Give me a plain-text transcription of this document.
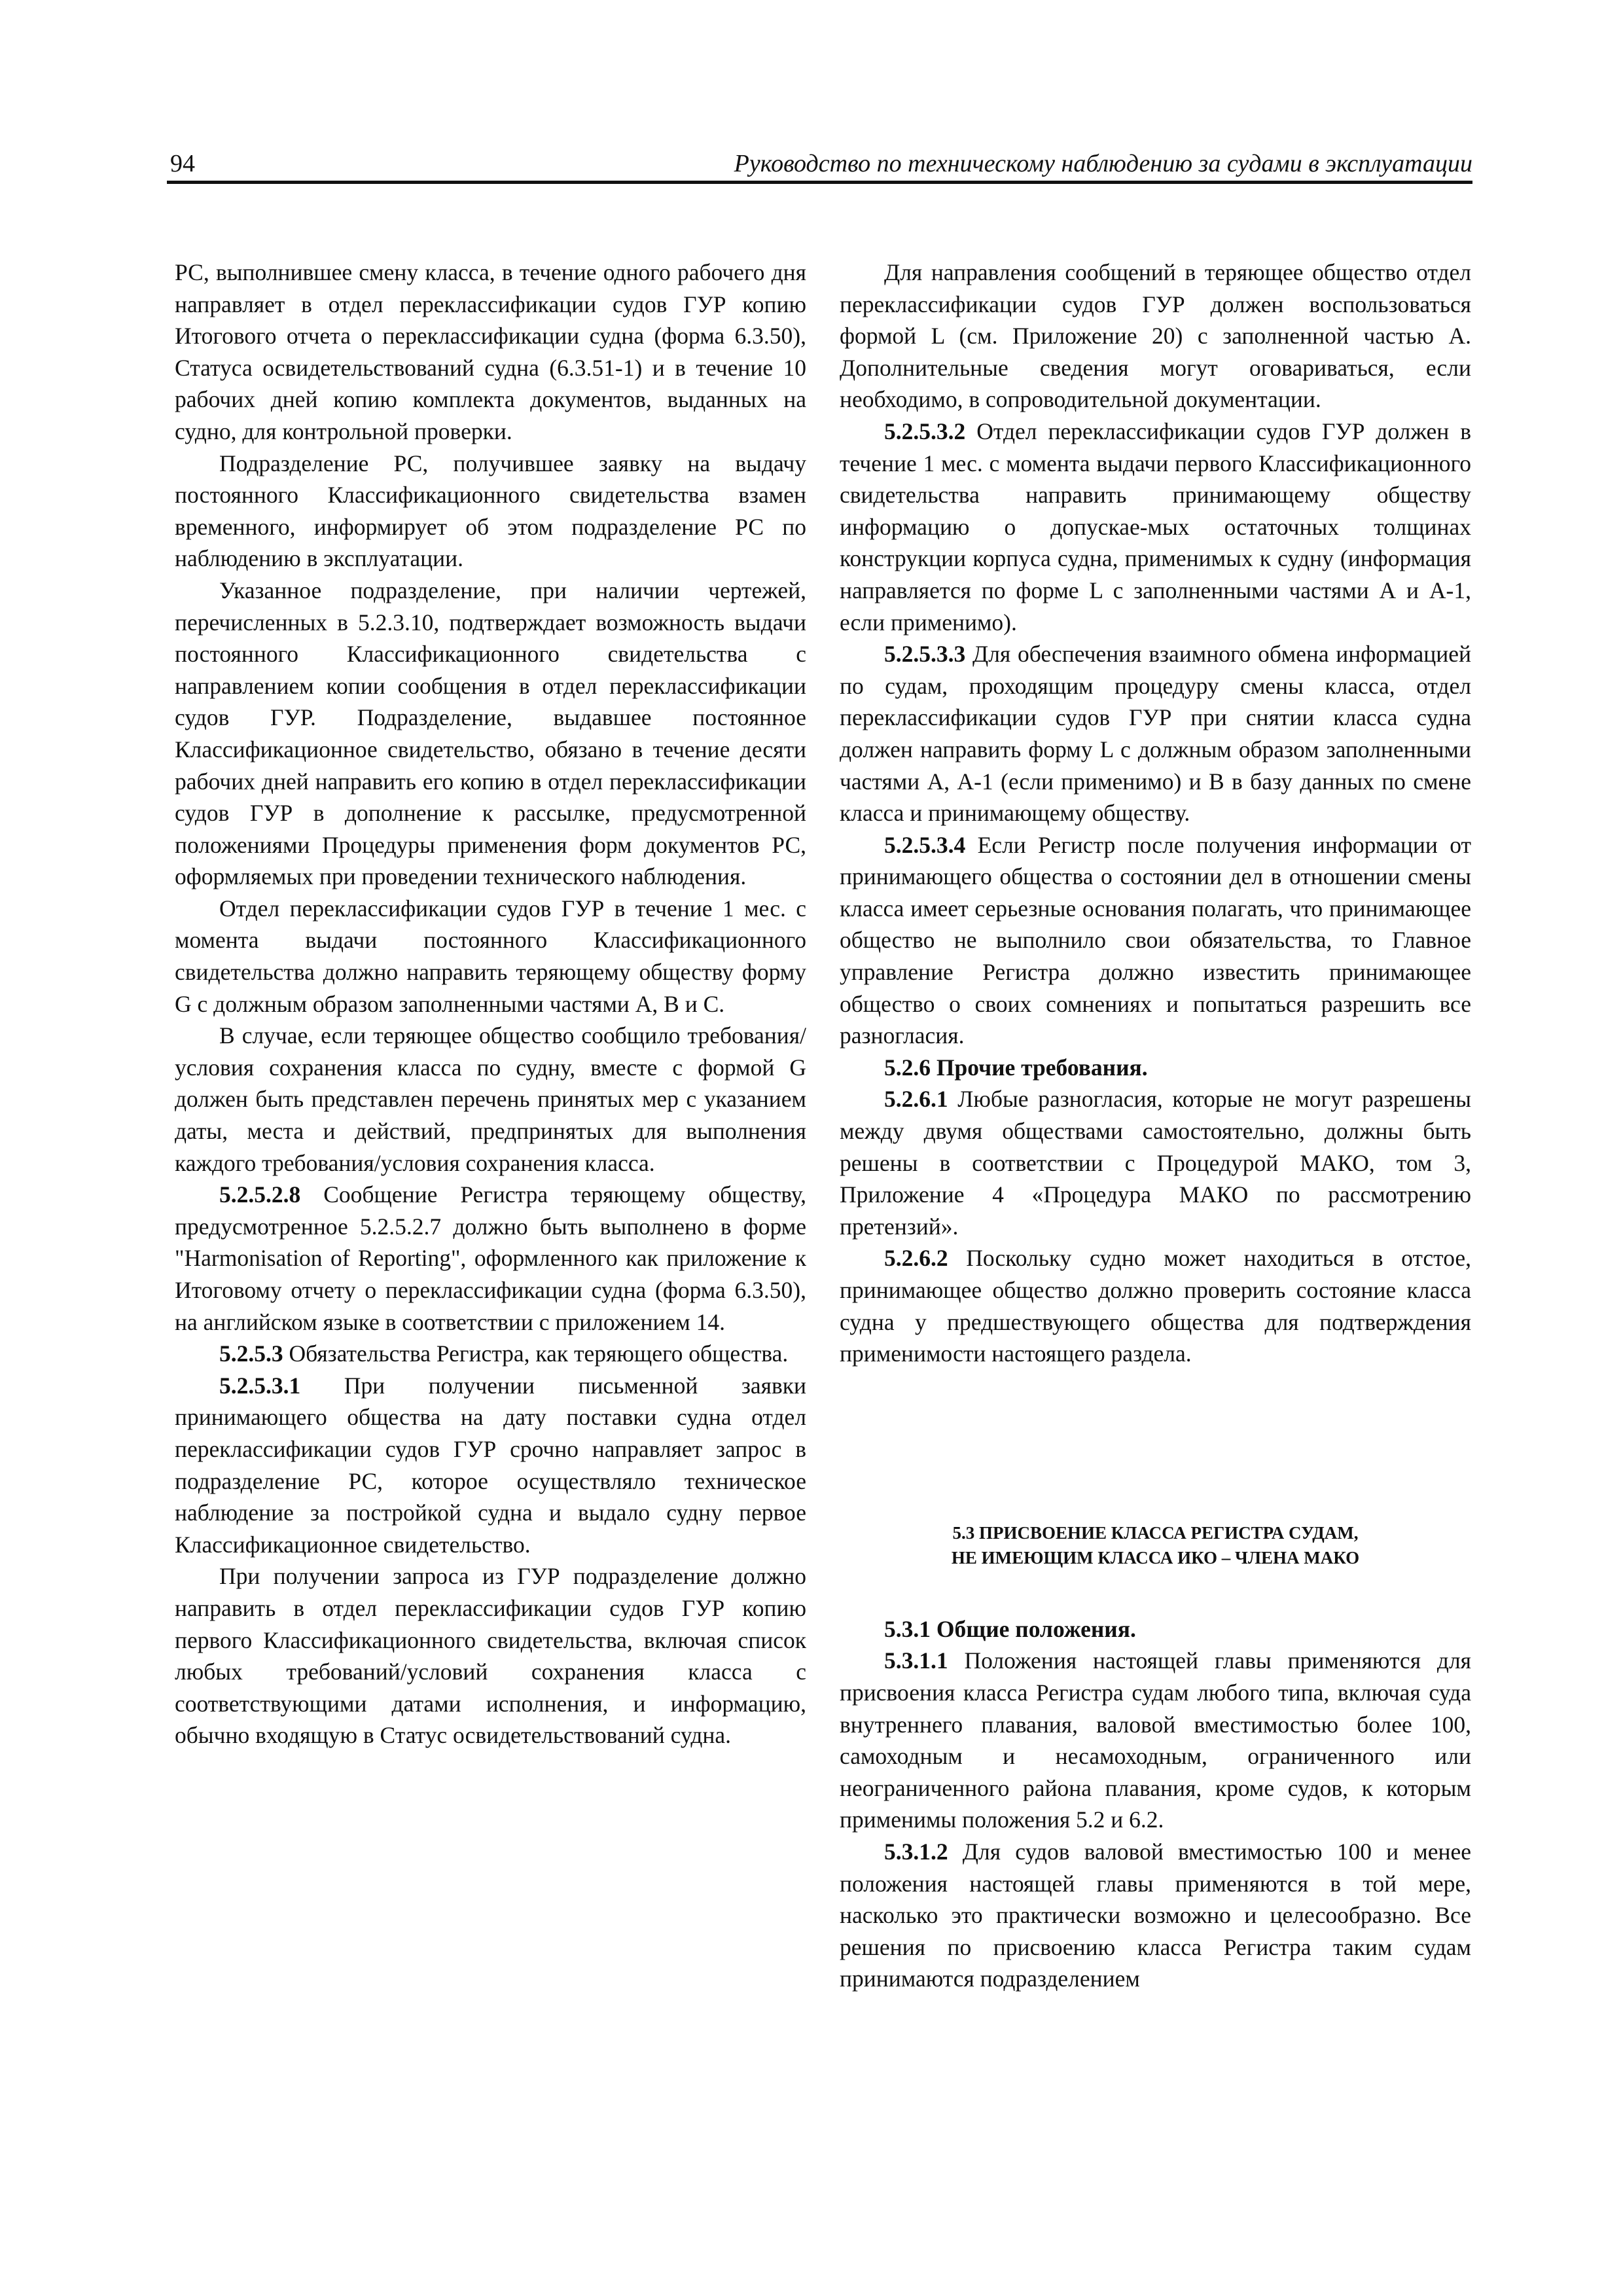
94	Руководство по техническому наблюдению за судами в эксплуатации

РС, выполнившее смену класса, в течение одного рабочего дня направляет в отдел переклассификации судов ГУР копию Итогового отчета о переклассификации судна (форма 6.3.50), Статуса освидетельствований судна (6.3.51-1) и в течение 10 рабочих дней копию комплекта документов, выданных на судно, для контрольной проверки.

Подразделение РС, получившее заявку на выдачу постоянного Классификационного свидетельства взамен временного, информирует об этом подразделение РС по наблюдению в эксплуатации.

Указанное подразделение, при наличии чертежей, перечисленных в 5.2.3.10, подтверждает возможность выдачи постоянного Классификационного свидетельства с направлением копии сообщения в отдел переклассификации судов ГУР. Подразделение, выдавшее постоянное Классификационное свидетельство, обязано в течение десяти рабочих дней направить его копию в отдел переклассификации судов ГУР в дополнение к рассылке, предусмотренной положениями Процедуры применения форм документов РС, оформляемых при проведении технического наблюдения.

Отдел переклассификации судов ГУР в течение 1 мес. с момента выдачи постоянного Классификационного свидетельства должно направить теряющему обществу форму G с должным образом заполненными частями А, В и С.

В случае, если теряющее общество сообщило требования/условия сохранения класса по судну, вместе с формой G должен быть представлен перечень принятых мер с указанием даты, места и действий, предпринятых для выполнения каждого требования/условия сохранения класса.

5.2.5.2.8 Сообщение Регистра теряющему обществу, предусмотренное 5.2.5.2.7 должно быть выполнено в форме "Harmonisation of Reporting", оформленного как приложение к Итоговому отчету о переклассификации судна (форма 6.3.50), на английском языке в соответствии с приложением 14.

5.2.5.3 Обязательства Регистра, как теряющего общества.

5.2.5.3.1 При получении письменной заявки принимающего общества на дату поставки судна отдел переклассификации судов ГУР срочно направляет запрос в подразделение РС, которое осуществляло техническое наблюдение за постройкой судна и выдало судну первое Классификационное свидетельство.

При получении запроса из ГУР подразделение должно направить в отдел переклассификации судов ГУР копию первого Классификационного свидетельства, включая список любых требований/условий сохранения класса с соответствующими датами исполнения, и информацию, обычно входящую в Статус освидетельствований судна.

Для направления сообщений в теряющее общество отдел переклассификации судов ГУР должен воспользоваться формой L (см. Приложение 20) с заполненной частью А. Дополнительные сведения могут оговариваться, если необходимо, в сопроводительной документации.

5.2.5.3.2 Отдел переклассификации судов ГУР должен в течение 1 мес. с момента выдачи первого Классификационного свидетельства направить принимающему обществу информацию о допускае-мых остаточных толщинах конструкции корпуса судна, применимых к судну (информация направляется по форме L с заполненными частями А и А-1, если применимо).

5.2.5.3.3 Для обеспечения взаимного обмена информацией по судам, проходящим процедуру смены класса, отдел переклассификации судов ГУР при снятии класса судна должен направить форму L с должным образом заполненными частями А, А-1 (если применимо) и В в базу данных по смене класса и принимающему обществу.

5.2.5.3.4 Если Регистр после получения информации от принимающего общества о состоянии дел в отношении смены класса имеет серьезные основания полагать, что принимающее общество не выполнило свои обязательства, то Главное управление Регистра должно известить принимающее общество о своих сомнениях и попытаться разрешить все разногласия.

5.2.6 Прочие требования.

5.2.6.1 Любые разногласия, которые не могут разрешены между двумя обществами самостоятельно, должны быть решены в соответствии с Процедурой МАКО, том 3, Приложение 4 «Процедура МАКО по рассмотрению претензий».

5.2.6.2 Поскольку судно может находиться в отстое, принимающее общество должно проверить состояние класса судна у предшествующего общества для подтверждения применимости настоящего раздела.

5.3 ПРИСВОЕНИЕ КЛАССА РЕГИСТРА СУДАМ,
НЕ ИМЕЮЩИМ КЛАССА ИКО – ЧЛЕНА МАКО

5.3.1 Общие положения.

5.3.1.1 Положения настоящей главы применяются для присвоения класса Регистра судам любого типа, включая суда внутреннего плавания, валовой вместимостью более 100, самоходным и несамоходным, ограниченного или неограниченного района плавания, кроме судов, к которым применимы положения 5.2 и 6.2.

5.3.1.2 Для судов валовой вместимостью 100 и менее положения настоящей главы применяются в той мере, насколько это практически возможно и целесообразно. Все решения по присвоению класса Регистра таким судам принимаются подразделением
